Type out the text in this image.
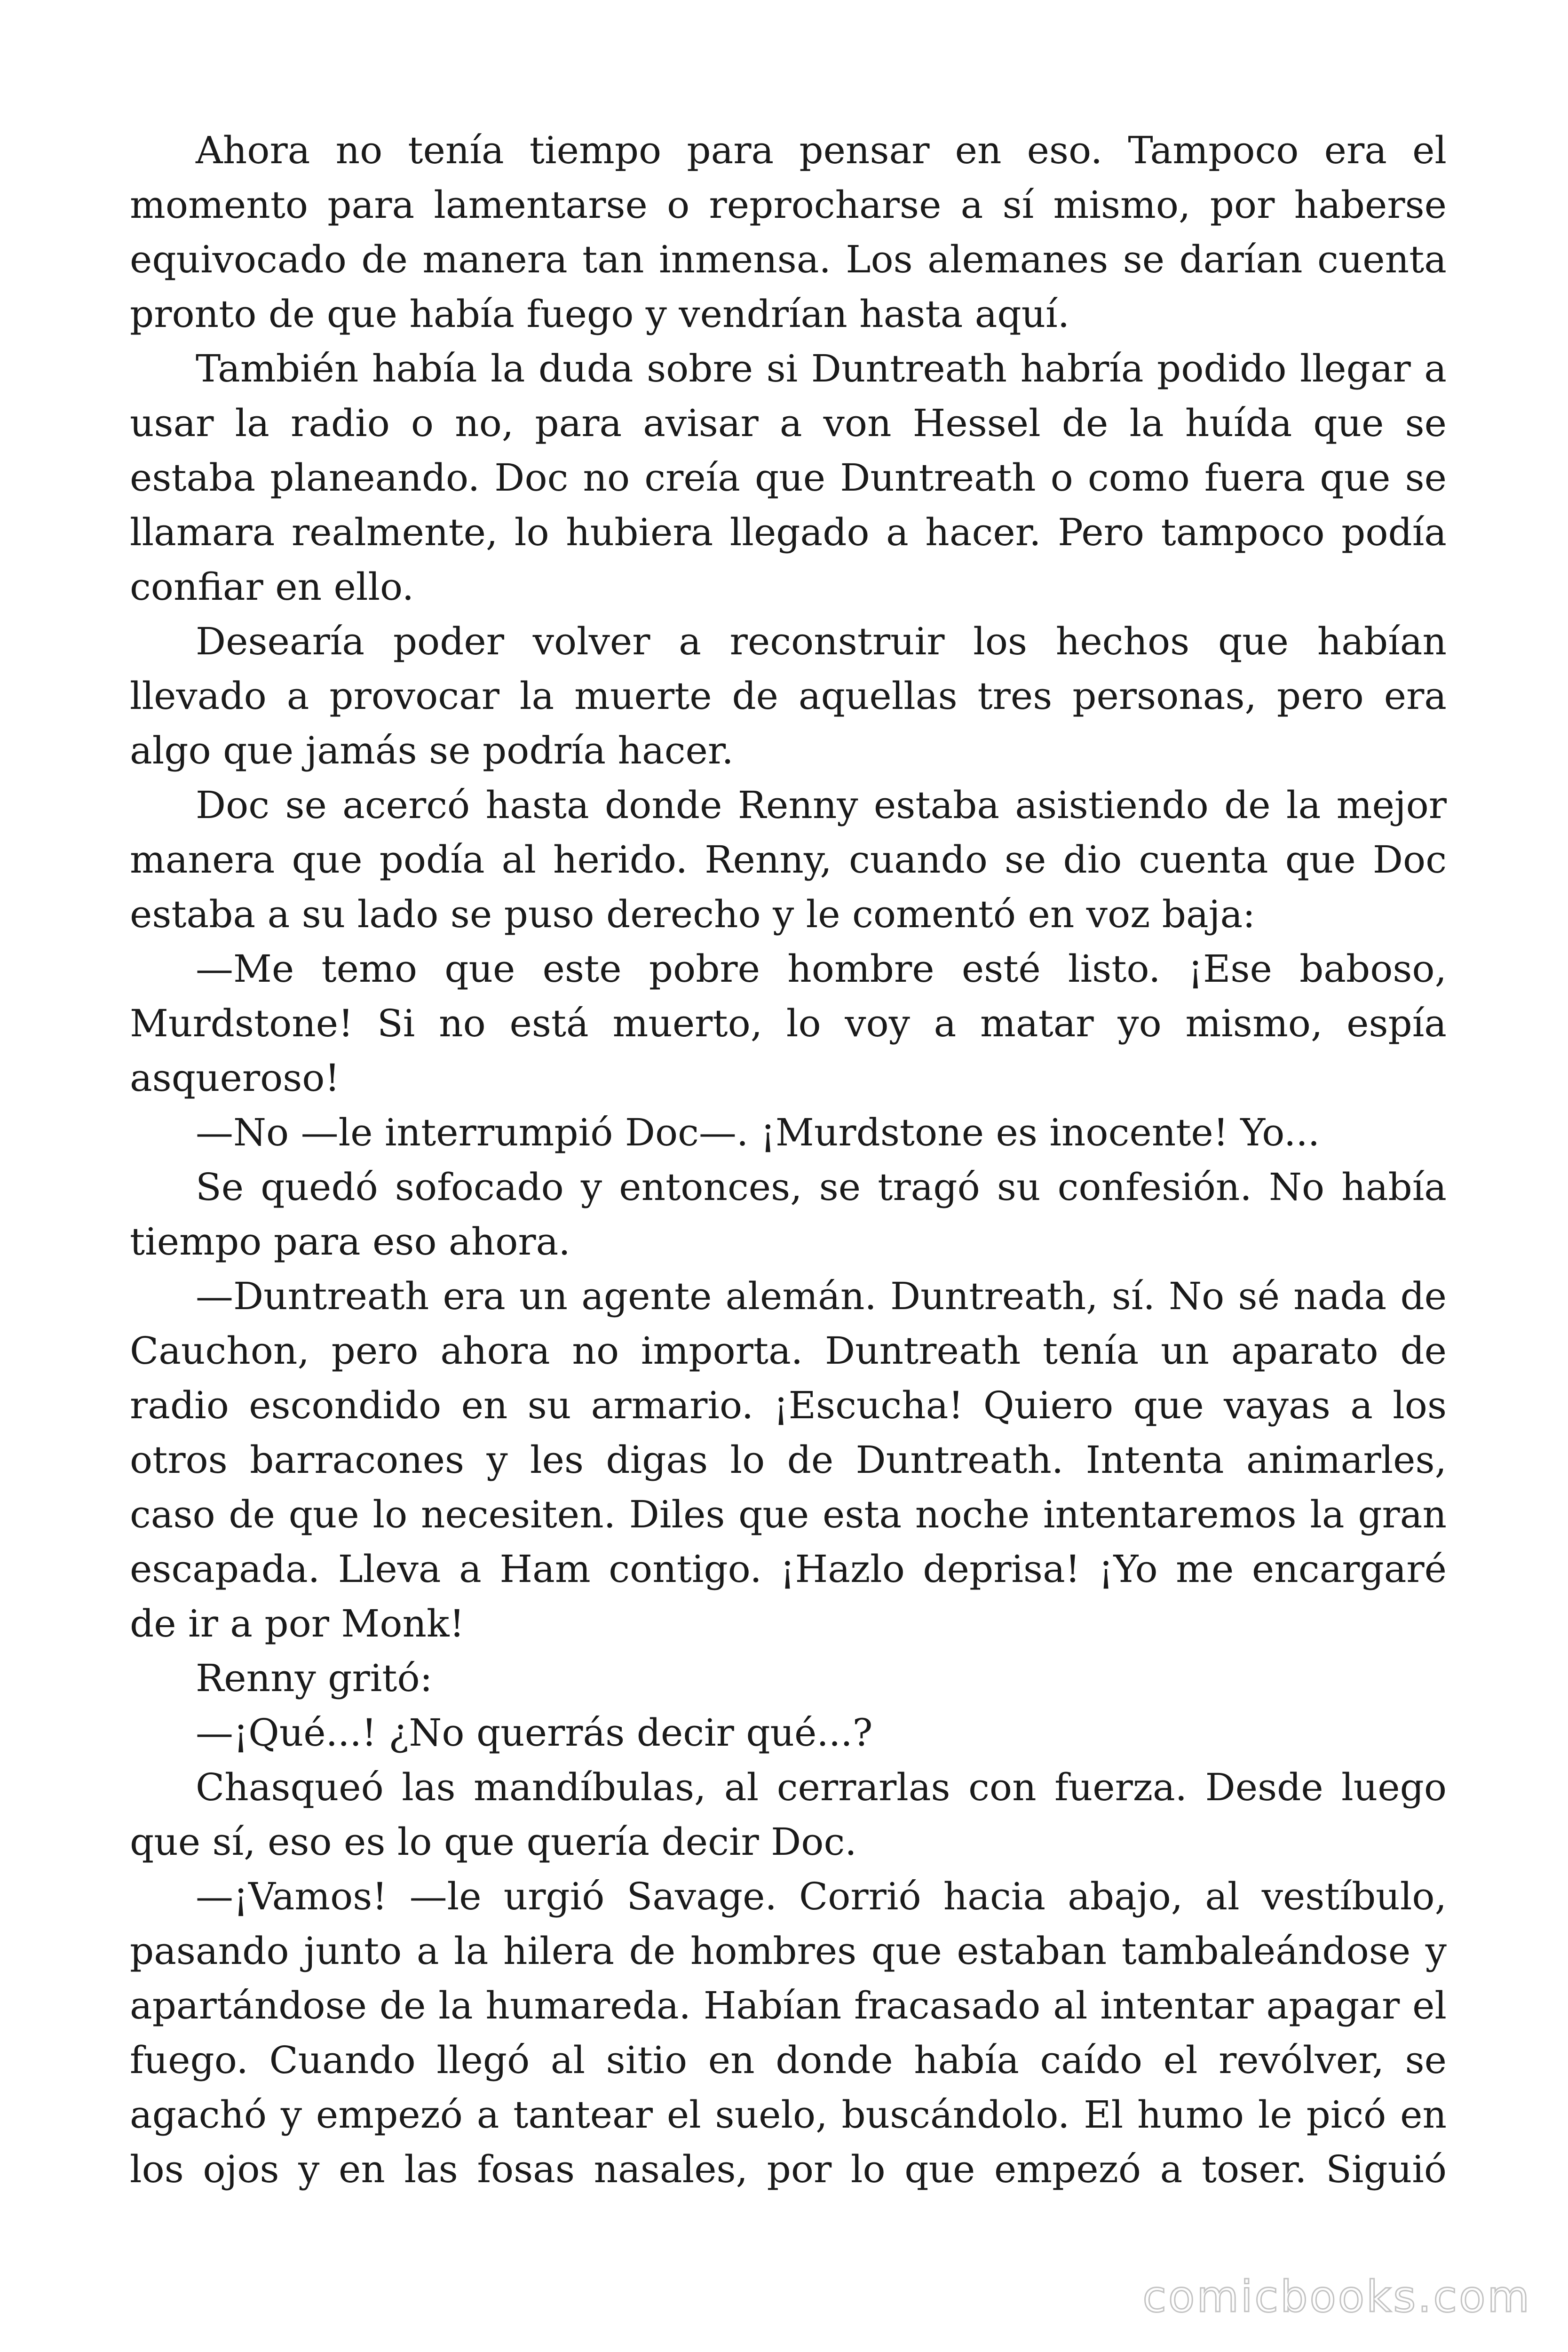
Ahora no tenía tiempo para pensar en eso. Tampoco era el momento para lamentarse o reprocharse a sí mismo, por haberse equivocado de manera tan inmensa. Los alemanes se darían cuenta pronto de que había fuego y vendrían hasta aquí.

También había la duda sobre si Duntreath habría podido llegar a usar la radio o no, para avisar a von Hessel de la huída que se estaba planeando. Doc no creía que Duntreath o como fuera que se llamara realmente, lo hubiera llegado a hacer. Pero tampoco podía confiar en ello.

Desearía poder volver a reconstruir los hechos que habían llevado a provocar la muerte de aquellas tres personas, pero era algo que jamás se podría hacer.

Doc se acercó hasta donde Renny estaba asistiendo de la mejor manera que podía al herido. Renny, cuando se dio cuenta que Doc estaba a su lado se puso derecho y le comentó en voz baja:

—Me temo que este pobre hombre esté listo. ¡Ese baboso, Murdstone! Si no está muerto, lo voy a matar yo mismo, espía asqueroso!

—No —le interrumpió Doc—. ¡Murdstone es inocente! Yo...

Se quedó sofocado y entonces, se tragó su confesión. No había tiempo para eso ahora.

—Duntreath era un agente alemán. Duntreath, sí. No sé nada de Cauchon, pero ahora no importa. Duntreath tenía un aparato de radio escondido en su armario. ¡Escucha! Quiero que vayas a los otros barracones y les digas lo de Duntreath. Intenta animarles, caso de que lo necesiten. Diles que esta noche intentaremos la gran escapada. Lleva a Ham contigo. ¡Hazlo deprisa! ¡Yo me encargaré de ir a por Monk!

Renny gritó:

—¡Qué...! ¿No querrás decir qué...?

Chasqueó las mandíbulas, al cerrarlas con fuerza. Desde luego que sí, eso es lo que quería decir Doc.

—¡Vamos! —le urgió Savage. Corrió hacia abajo, al vestíbulo, pasando junto a la hilera de hombres que estaban tambaleándose y apartándose de la humareda. Habían fracasado al intentar apagar el fuego. Cuando llegó al sitio en donde había caído el revólver, se agachó y empezó a tantear el suelo, buscándolo. El humo le picó en los ojos y en las fosas nasales, por lo que empezó a toser. Siguió

comicbooks.com
